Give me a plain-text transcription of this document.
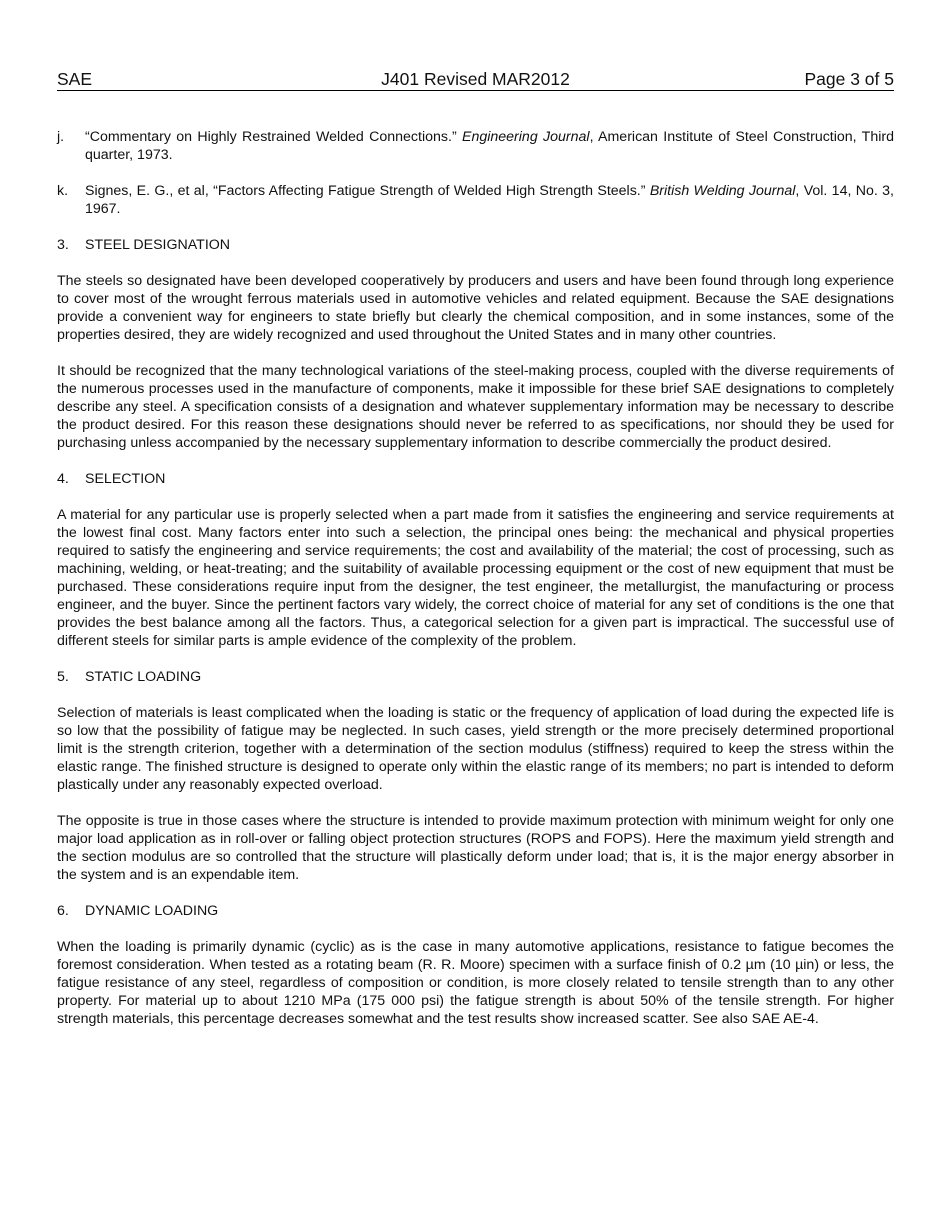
SAE	J401 Revised MAR2012	Page 3 of 5
j. “Commentary on Highly Restrained Welded Connections.” Engineering Journal, American Institute of Steel Construction, Third quarter, 1973.
k. Signes, E. G., et al, “Factors Affecting Fatigue Strength of Welded High Strength Steels.” British Welding Journal, Vol. 14, No. 3, 1967.
3. STEEL DESIGNATION

The steels so designated have been developed cooperatively by producers and users and have been found through long experience to cover most of the wrought ferrous materials used in automotive vehicles and related equipment. Because the SAE designations provide a convenient way for engineers to state briefly but clearly the chemical composition, and in some instances, some of the properties desired, they are widely recognized and used throughout the United States and in many other countries.

It should be recognized that the many technological variations of the steel-making process, coupled with the diverse requirements of the numerous processes used in the manufacture of components, make it impossible for these brief SAE designations to completely describe any steel. A specification consists of a designation and whatever supplementary information may be necessary to describe the product desired. For this reason these designations should never be referred to as specifications, nor should they be used for purchasing unless accompanied by the necessary supplementary information to describe commercially the product desired.

4. SELECTION

A material for any particular use is properly selected when a part made from it satisfies the engineering and service requirements at the lowest final cost. Many factors enter into such a selection, the principal ones being: the mechanical and physical properties required to satisfy the engineering and service requirements; the cost and availability of the material; the cost of processing, such as machining, welding, or heat-treating; and the suitability of available processing equipment or the cost of new equipment that must be purchased. These considerations require input from the designer, the test engineer, the metallurgist, the manufacturing or process engineer, and the buyer. Since the pertinent factors vary widely, the correct choice of material for any set of conditions is the one that provides the best balance among all the factors. Thus, a categorical selection for a given part is impractical. The successful use of different steels for similar parts is ample evidence of the complexity of the problem.

5. STATIC LOADING

Selection of materials is least complicated when the loading is static or the frequency of application of load during the expected life is so low that the possibility of fatigue may be neglected. In such cases, yield strength or the more precisely determined proportional limit is the strength criterion, together with a determination of the section modulus (stiffness) required to keep the stress within the elastic range. The finished structure is designed to operate only within the elastic range of its members; no part is intended to deform plastically under any reasonably expected overload.

The opposite is true in those cases where the structure is intended to provide maximum protection with minimum weight for only one major load application as in roll-over or falling object protection structures (ROPS and FOPS). Here the maximum yield strength and the section modulus are so controlled that the structure will plastically deform under load; that is, it is the major energy absorber in the system and is an expendable item.

6. DYNAMIC LOADING

When the loading is primarily dynamic (cyclic) as is the case in many automotive applications, resistance to fatigue becomes the foremost consideration. When tested as a rotating beam (R. R. Moore) specimen with a surface finish of 0.2 µm (10 µin) or less, the fatigue resistance of any steel, regardless of composition or condition, is more closely related to tensile strength than to any other property. For material up to about 1210 MPa (175 000 psi) the fatigue strength is about 50% of the tensile strength. For higher strength materials, this percentage decreases somewhat and the test results show increased scatter. See also SAE AE-4.
